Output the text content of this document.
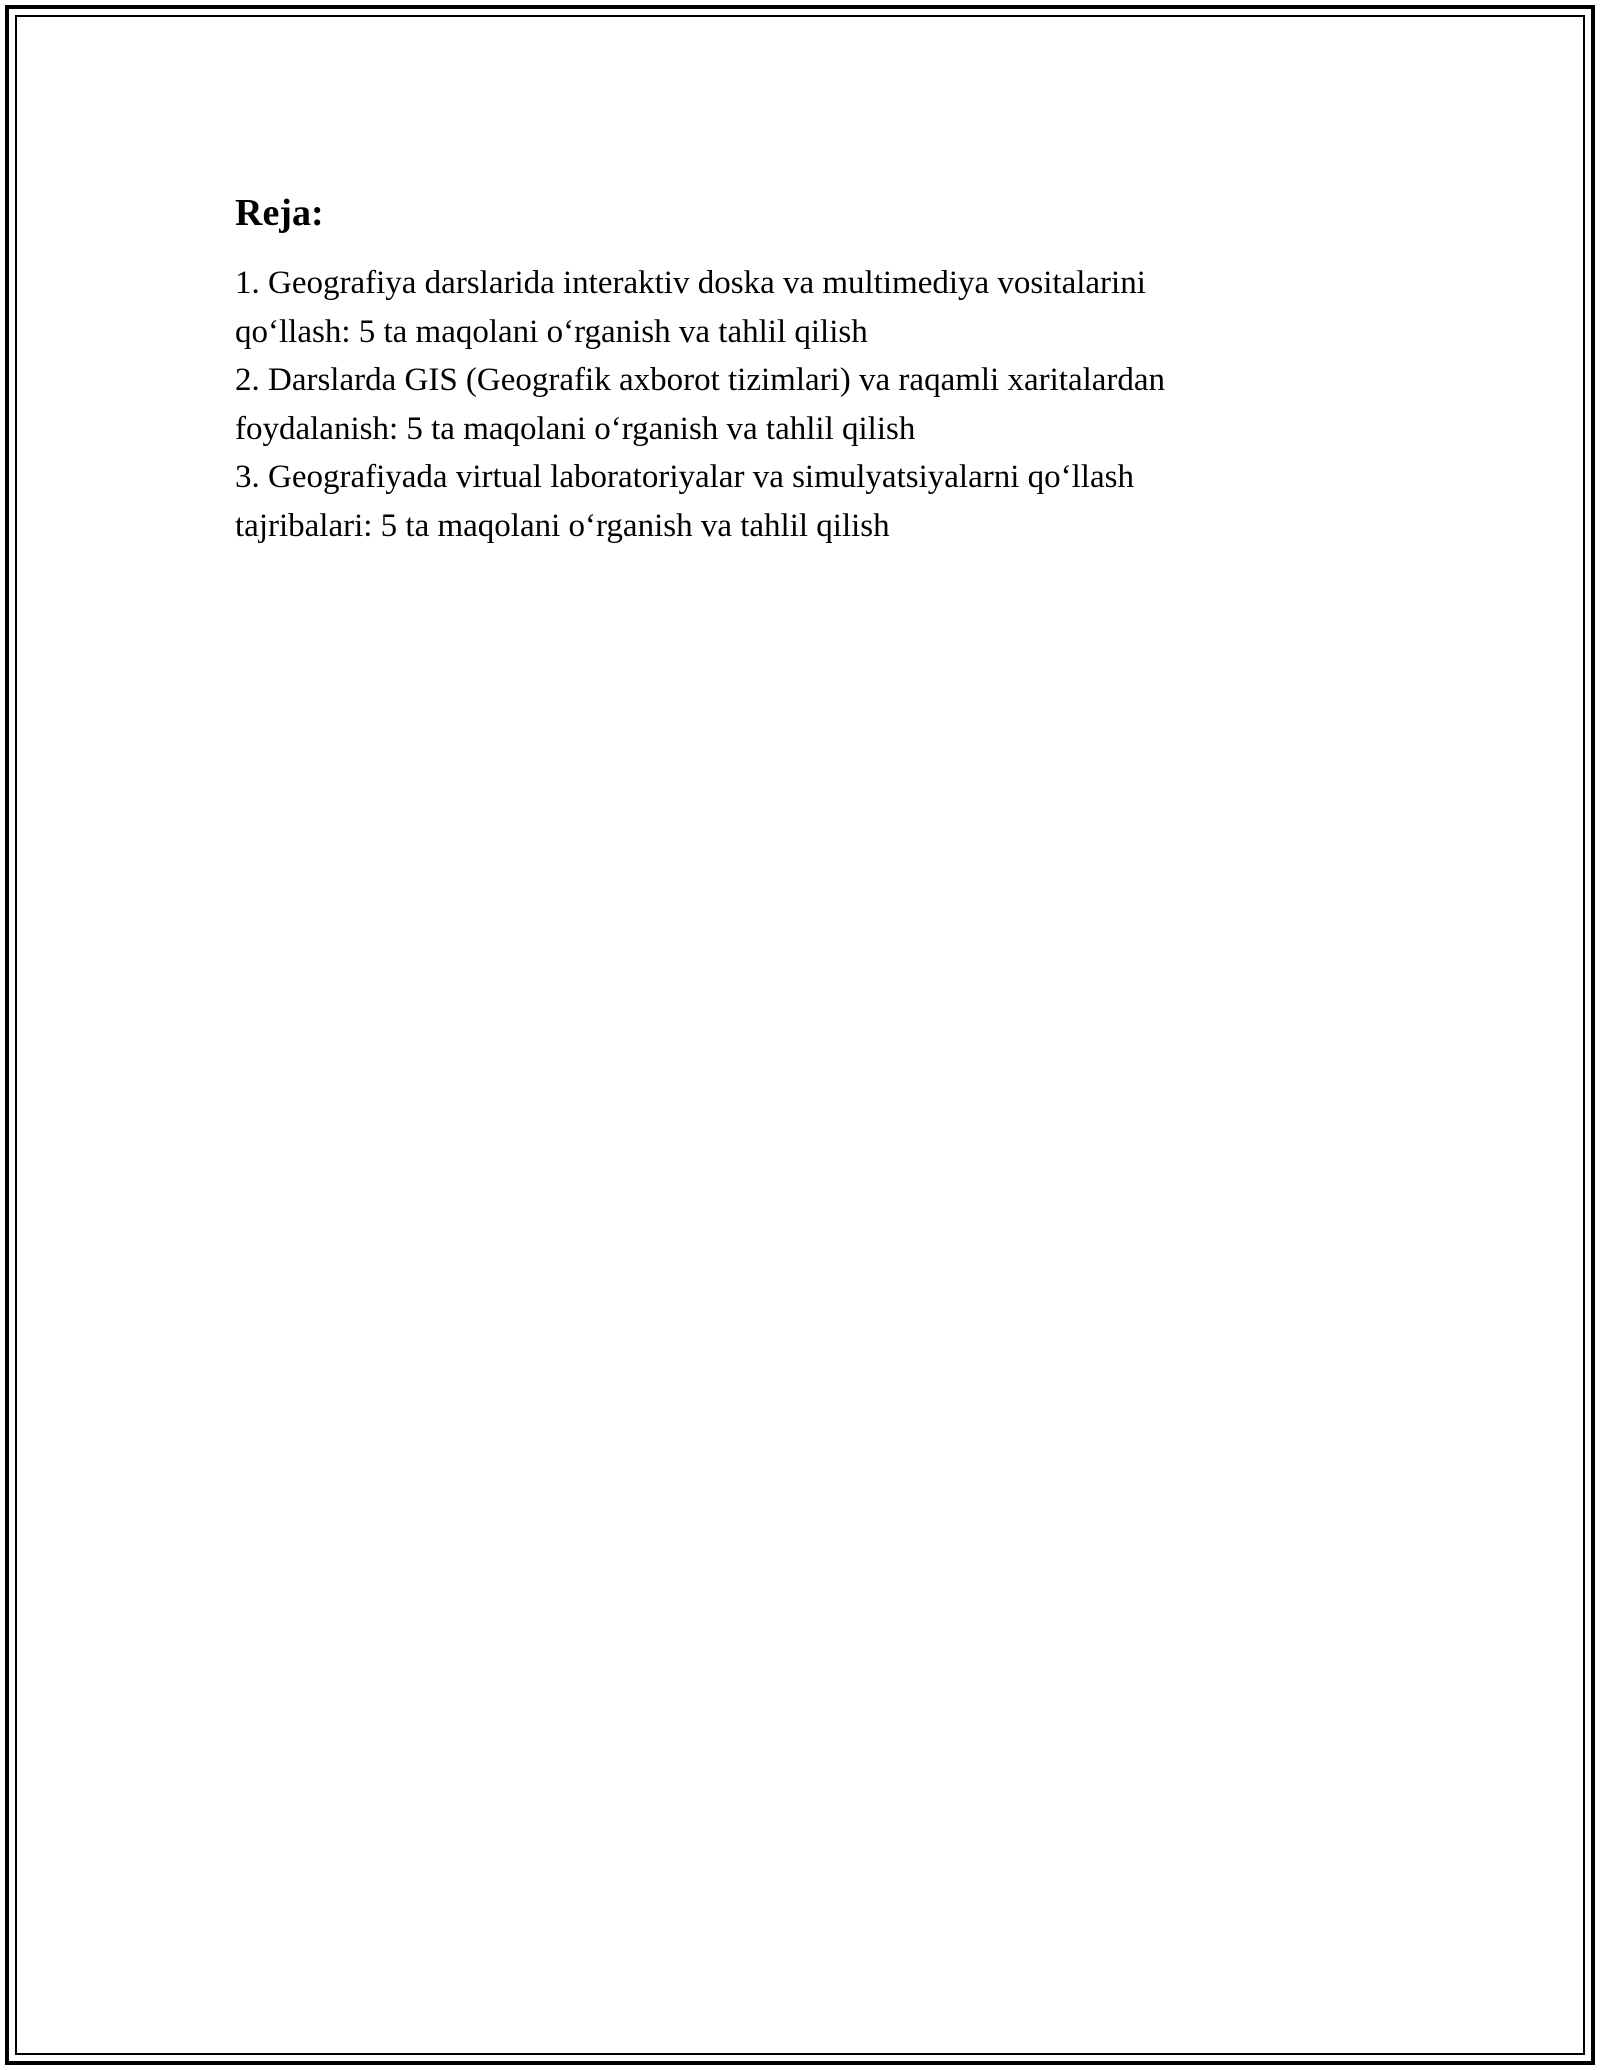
Reja:
1. Geografiya darslarida interaktiv doska va multimediya vositalarini
qo‘llash: 5 ta maqolani o‘rganish va tahlil qilish
2. Darslarda GIS (Geografik axborot tizimlari) va raqamli xaritalardan
foydalanish: 5 ta maqolani o‘rganish va tahlil qilish
3. Geografiyada virtual laboratoriyalar va simulyatsiyalarni qo‘llash
tajribalari: 5 ta maqolani o‘rganish va tahlil qilish
